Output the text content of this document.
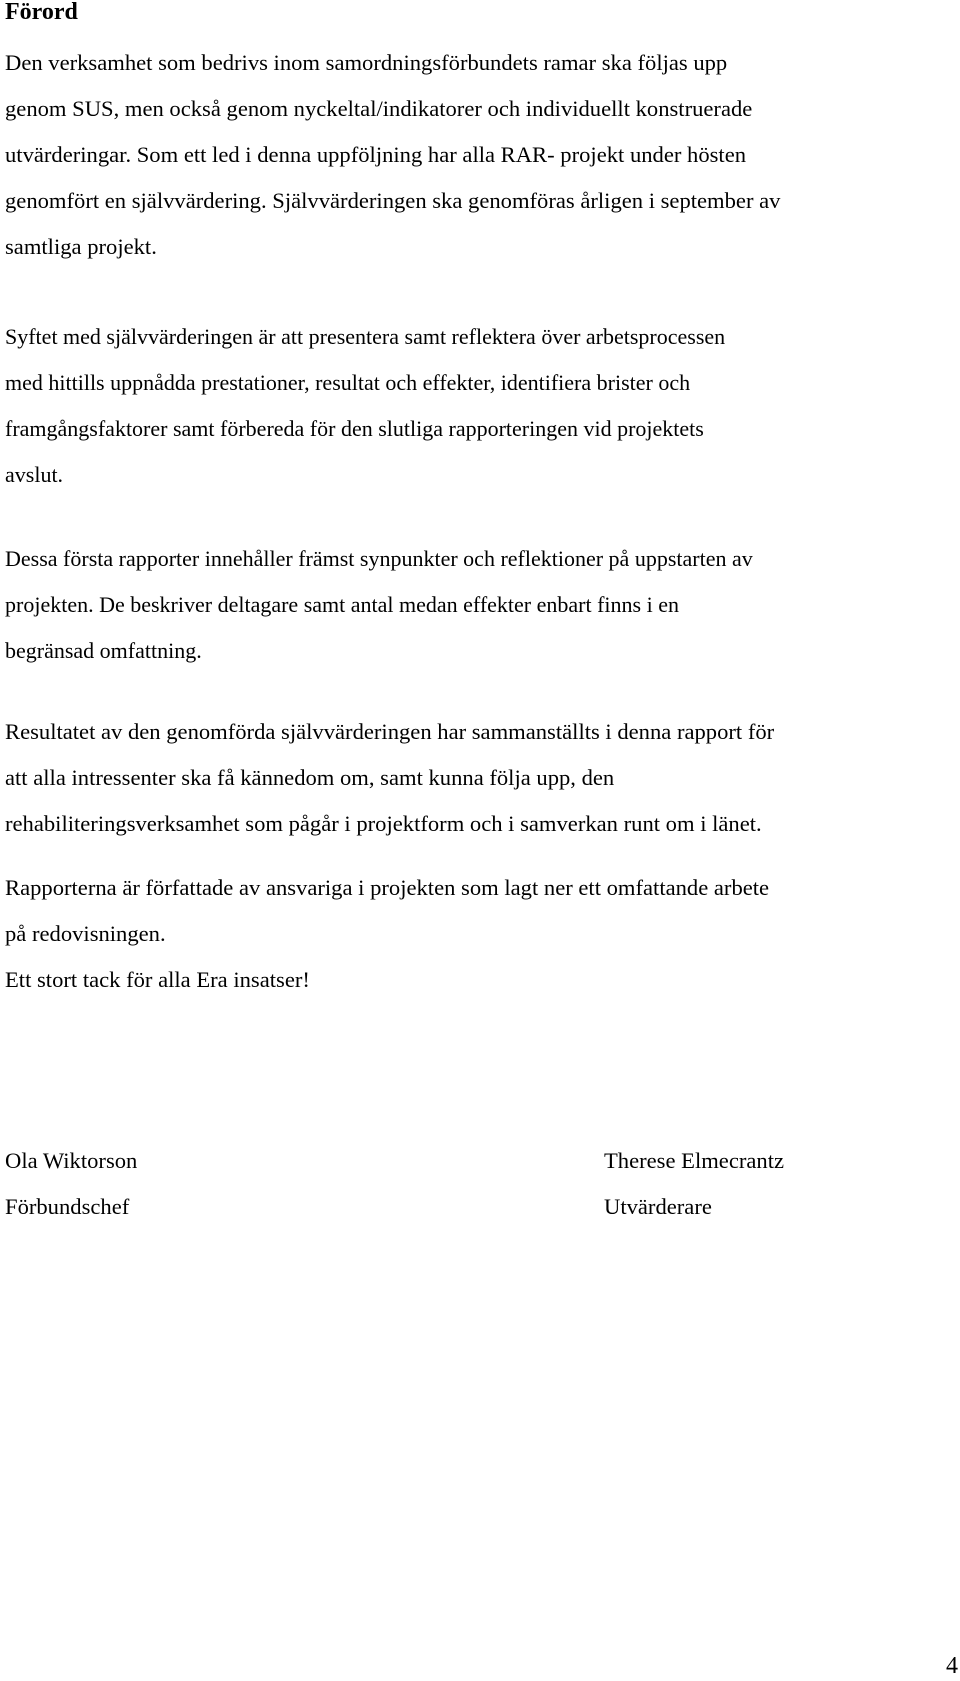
Förord

Den verksamhet som bedrivs inom samordningsförbundets ramar ska följas upp
genom SUS, men också genom nyckeltal/indikatorer och individuellt konstruerade
utvärderingar. Som ett led i denna uppföljning har alla RAR- projekt under hösten
genomfört en självvärdering. Självvärderingen ska genomföras årligen i september av
samtliga projekt.

Syftet med självvärderingen är att presentera samt reflektera över arbetsprocessen
med hittills uppnådda prestationer, resultat och effekter, identifiera brister och
framgångsfaktorer samt förbereda för den slutliga rapporteringen vid projektets
avslut.

Dessa första rapporter innehåller främst synpunkter och reflektioner på uppstarten av
projekten. De beskriver deltagare samt antal medan effekter enbart finns i en
begränsad omfattning.

Resultatet av den genomförda självvärderingen har sammanställts i denna rapport för
att alla intressenter ska få kännedom om, samt kunna följa upp, den
rehabiliteringsverksamhet som pågår i projektform och i samverkan runt om i länet.

Rapporterna är författade av ansvariga i projekten som lagt ner ett omfattande arbete
på redovisningen.
Ett stort tack för alla Era insatser!

Ola Wiktorson
Förbundschef
Therese Elmecrantz
Utvärderare
4
